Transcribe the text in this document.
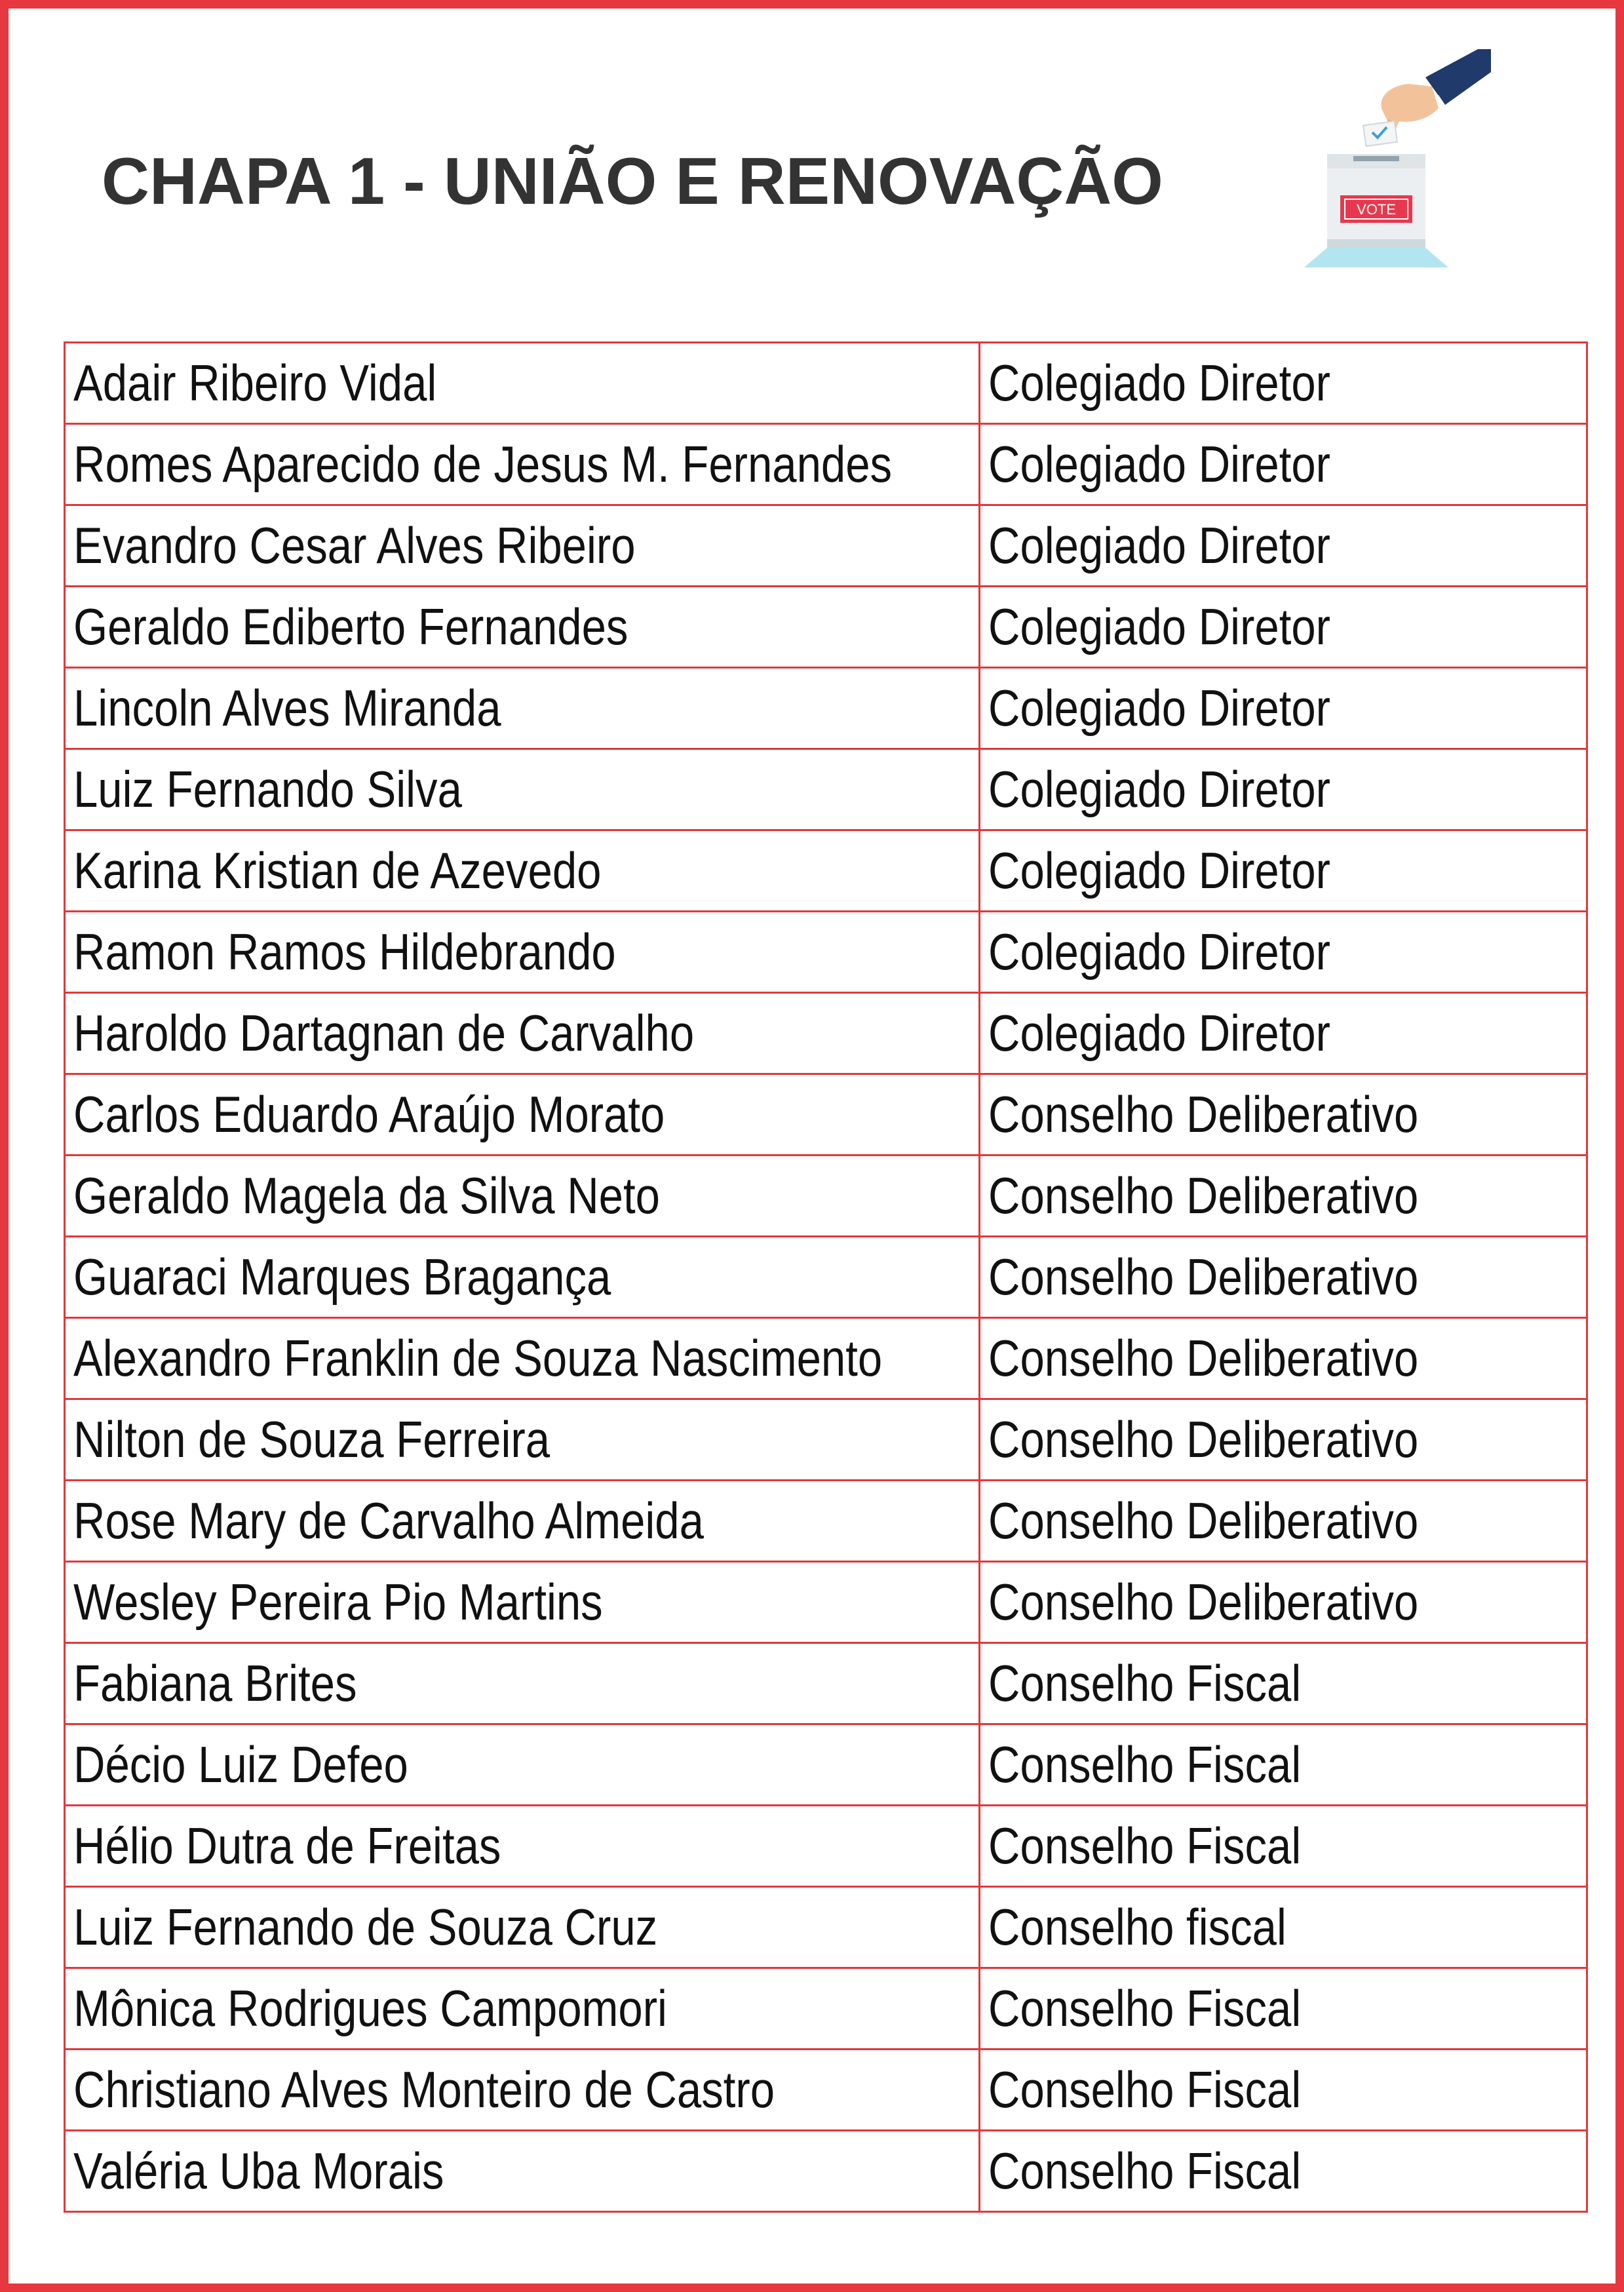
CHAPA 1 - UNIÃO E RENOVAÇÃO	VOTE
Adair Ribeiro Vidal	Colegiado Diretor
Romes Aparecido de Jesus M. Fernandes	Colegiado Diretor
Evandro Cesar Alves Ribeiro	Colegiado Diretor
Geraldo Ediberto Fernandes	Colegiado Diretor
Lincoln Alves Miranda	Colegiado Diretor
Luiz Fernando Silva	Colegiado Diretor
Karina Kristian de Azevedo	Colegiado Diretor
Ramon Ramos Hildebrando	Colegiado Diretor
Haroldo Dartagnan de Carvalho	Colegiado Diretor
Carlos Eduardo Araújo Morato	Conselho Deliberativo
Geraldo Magela da Silva Neto	Conselho Deliberativo
Guaraci Marques Bragança	Conselho Deliberativo
Alexandro Franklin de Souza Nascimento	Conselho Deliberativo
Nilton de Souza Ferreira	Conselho Deliberativo
Rose Mary de Carvalho Almeida	Conselho Deliberativo
Wesley Pereira Pio Martins	Conselho Deliberativo
Fabiana Brites	Conselho Fiscal
Décio Luiz Defeo	Conselho Fiscal
Hélio Dutra de Freitas	Conselho Fiscal
Luiz Fernando de Souza Cruz	Conselho fiscal
Mônica Rodrigues Campomori	Conselho Fiscal
Christiano Alves Monteiro de Castro	Conselho Fiscal
Valéria Uba Morais	Conselho Fiscal
